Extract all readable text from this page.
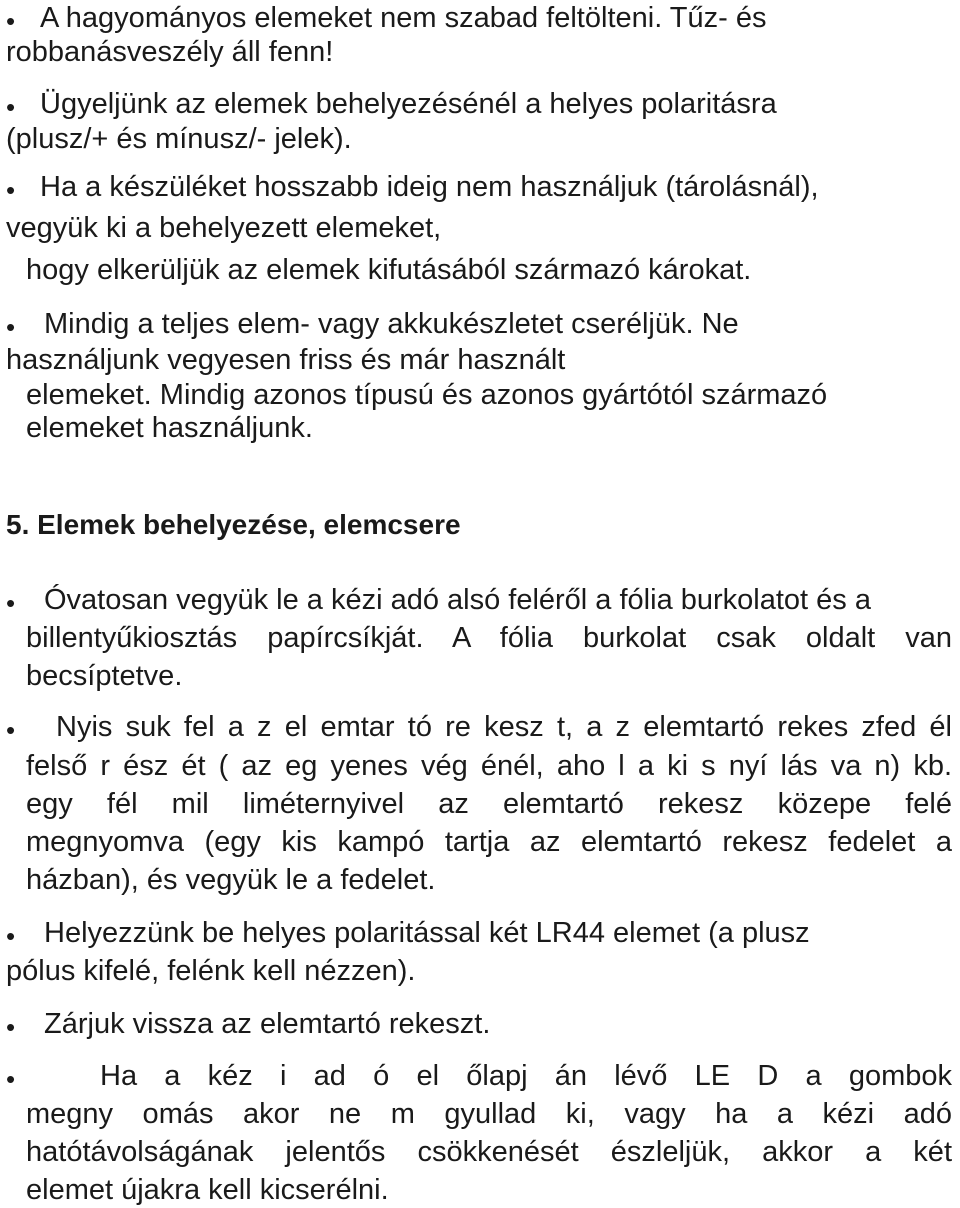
• A hagyományos elemeket nem szabad feltölteni. Tűz- és
robbanásveszély áll fenn!
• Ügyeljünk az elemek behelyezésénél a helyes polaritásra
(plusz/+ és mínusz/- jelek).
• Ha a készüléket hosszabb ideig nem használjuk (tárolásnál),
vegyük ki a behelyezett elemeket,
hogy elkerüljük az elemek kifutásából származó károkat.
• Mindig a teljes elem- vagy akkukészletet cseréljük. Ne
használjunk vegyesen friss és már használt
elemeket. Mindig azonos típusú és azonos gyártótól származó
elemeket használjunk.
5. Elemek behelyezése, elemcsere
• Óvatosan vegyük le a kézi adó alsó feléről a fólia burkolatot és a
billentyűkiosztás papírcsíkját. A fólia burkolat csak oldalt van
becsíptetve.
• Nyis suk fel a z el emtar tó re kesz t, a z elemtartó rekes zfed él
felső r ész ét ( az eg yenes vég énél, aho l a ki s nyí lás va n) kb.
egy fél mil liméternyivel az elemtartó rekesz közepe felé
megnyomva (egy kis kampó tartja az elemtartó rekesz fedelet a
házban), és vegyük le a fedelet.
• Helyezzünk be helyes polaritással két LR44 elemet (a plusz
pólus kifelé, felénk kell nézzen).
• Zárjuk vissza az elemtartó rekeszt.
•	Ha a kéz i ad ó el őlapj án lévő LE D a gombok
megny omás akor ne m gyullad ki, vagy ha a kézi adó
hatótávolságának jelentős csökkenését észleljük, akkor a két
elemet újakra kell kicserélni.
